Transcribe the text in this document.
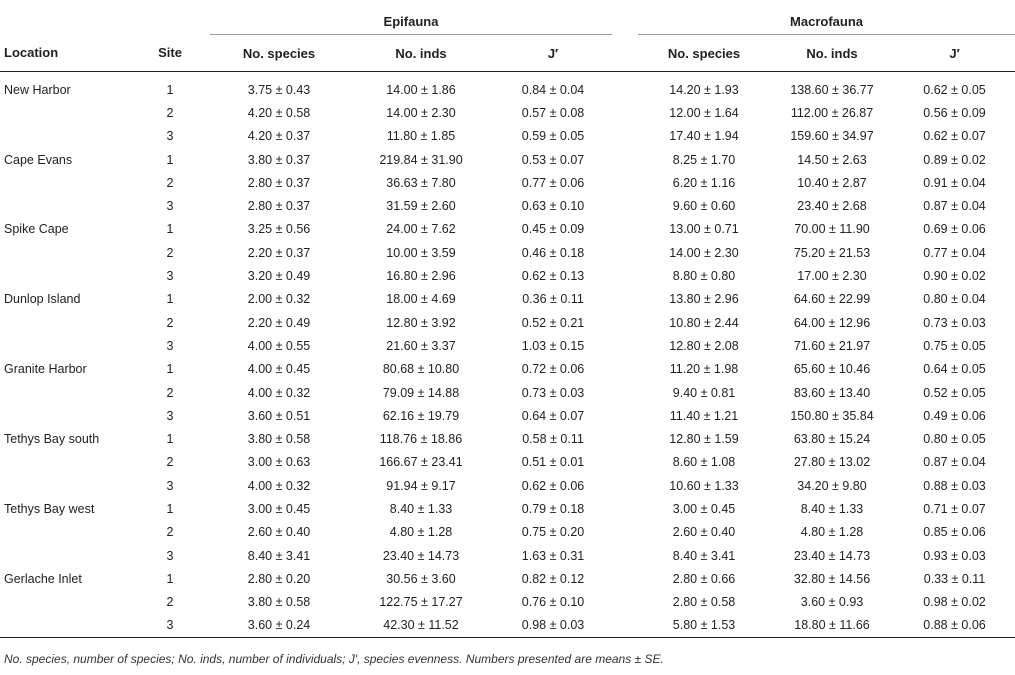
		Epifauna				Macrofauna		
Location	Site	No. species	No. inds	J′		No. species	No. inds	J′
New Harbor	1	3.75 ± 0.43	14.00 ± 1.86	0.84 ± 0.04		14.20 ± 1.93	138.60 ± 36.77	0.62 ± 0.05
	2	4.20 ± 0.58	14.00 ± 2.30	0.57 ± 0.08		12.00 ± 1.64	112.00 ± 26.87	0.56 ± 0.09
	3	4.20 ± 0.37	11.80 ± 1.85	0.59 ± 0.05		17.40 ± 1.94	159.60 ± 34.97	0.62 ± 0.07
Cape Evans	1	3.80 ± 0.37	219.84 ± 31.90	0.53 ± 0.07		8.25 ± 1.70	14.50 ± 2.63	0.89 ± 0.02
	2	2.80 ± 0.37	36.63 ± 7.80	0.77 ± 0.06		6.20 ± 1.16	10.40 ± 2.87	0.91 ± 0.04
	3	2.80 ± 0.37	31.59 ± 2.60	0.63 ± 0.10		9.60 ± 0.60	23.40 ± 2.68	0.87 ± 0.04
Spike Cape	1	3.25 ± 0.56	24.00 ± 7.62	0.45 ± 0.09		13.00 ± 0.71	70.00 ± 11.90	0.69 ± 0.06
	2	2.20 ± 0.37	10.00 ± 3.59	0.46 ± 0.18		14.00 ± 2.30	75.20 ± 21.53	0.77 ± 0.04
	3	3.20 ± 0.49	16.80 ± 2.96	0.62 ± 0.13		8.80 ± 0.80	17.00 ± 2.30	0.90 ± 0.02
Dunlop Island	1	2.00 ± 0.32	18.00 ± 4.69	0.36 ± 0.11		13.80 ± 2.96	64.60 ± 22.99	0.80 ± 0.04
	2	2.20 ± 0.49	12.80 ± 3.92	0.52 ± 0.21		10.80 ± 2.44	64.00 ± 12.96	0.73 ± 0.03
	3	4.00 ± 0.55	21.60 ± 3.37	1.03 ± 0.15		12.80 ± 2.08	71.60 ± 21.97	0.75 ± 0.05
Granite Harbor	1	4.00 ± 0.45	80.68 ± 10.80	0.72 ± 0.06		11.20 ± 1.98	65.60 ± 10.46	0.64 ± 0.05
	2	4.00 ± 0.32	79.09 ± 14.88	0.73 ± 0.03		9.40 ± 0.81	83.60 ± 13.40	0.52 ± 0.05
	3	3.60 ± 0.51	62.16 ± 19.79	0.64 ± 0.07		11.40 ± 1.21	150.80 ± 35.84	0.49 ± 0.06
Tethys Bay south	1	3.80 ± 0.58	118.76 ± 18.86	0.58 ± 0.11		12.80 ± 1.59	63.80 ± 15.24	0.80 ± 0.05
	2	3.00 ± 0.63	166.67 ± 23.41	0.51 ± 0.01		8.60 ± 1.08	27.80 ± 13.02	0.87 ± 0.04
	3	4.00 ± 0.32	91.94 ± 9.17	0.62 ± 0.06		10.60 ± 1.33	34.20 ± 9.80	0.88 ± 0.03
Tethys Bay west	1	3.00 ± 0.45	8.40 ± 1.33	0.79 ± 0.18		3.00 ± 0.45	8.40 ± 1.33	0.71 ± 0.07
	2	2.60 ± 0.40	4.80 ± 1.28	0.75 ± 0.20		2.60 ± 0.40	4.80 ± 1.28	0.85 ± 0.06
	3	8.40 ± 3.41	23.40 ± 14.73	1.63 ± 0.31		8.40 ± 3.41	23.40 ± 14.73	0.93 ± 0.03
Gerlache Inlet	1	2.80 ± 0.20	30.56 ± 3.60	0.82 ± 0.12		2.80 ± 0.66	32.80 ± 14.56	0.33 ± 0.11
	2	3.80 ± 0.58	122.75 ± 17.27	0.76 ± 0.10		2.80 ± 0.58	3.60 ± 0.93	0.98 ± 0.02
	3	3.60 ± 0.24	42.30 ± 11.52	0.98 ± 0.03		5.80 ± 1.53	18.80 ± 11.66	0.88 ± 0.06
No. species, number of species; No. inds, number of individuals; J′, species evenness. Numbers presented are means ± SE.
